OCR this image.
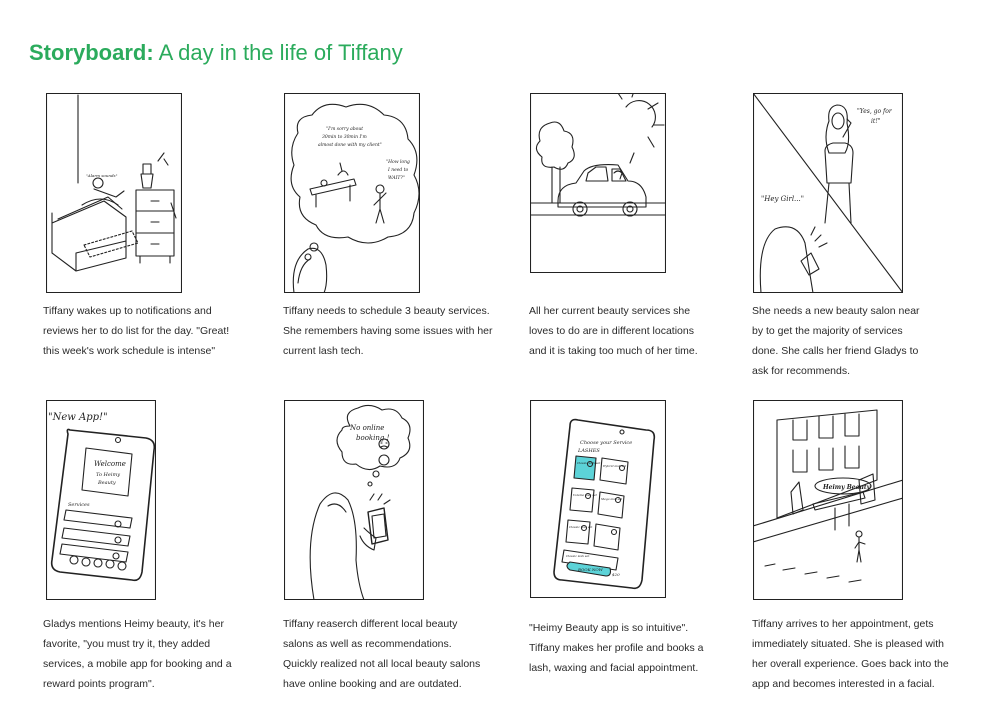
Storyboard: A day in the life of Tiffany
"Alarm sounds"

Tiffany wakes up to notifications and

reviews her to do list for the day. "Great!

this week's work schedule is intense"

"I'm sorry about
30min to 30min I'm
almost done with my client"
"How long
I need to
WAIT?"

Tiffany needs to schedule 3 beauty services.

She remembers having some issues with her

current lash tech.

All her current beauty services she

loves to do are in different locations

and it is taking too much of her time.

"Yes, go for
it!"
"Hey Girl..."

She needs a new beauty salon near

by to get the majority of services

done. She calls her friend Gladys to

ask for recommends.

"New App!"
Welcome
To Heimy
Beauty
Services

Gladys mentions Heimy beauty, it's her

favorite, "you must try it, they added

services, a mobile app for booking and a

reward points program".

No online
booking !

Tiffany reaserch different local beauty

salons as well as recommendations.

Quickly realized not all local beauty salons

have online booking and are outdated.

Choose your Service
LASHES
Classic lash set
Hybrid lash set
Volume lash set
Mega lash set
Classic lash set
Classic lash set
BOOK NOW
$20

"Heimy Beauty app is so intuitive".

Tiffany makes her profile and books a

lash, waxing and facial appointment.

Heimy Beauty

Tiffany arrives to her appointment, gets

immediately situated. She is pleased with

her overall experience. Goes back into the

app and becomes interested in a facial.
